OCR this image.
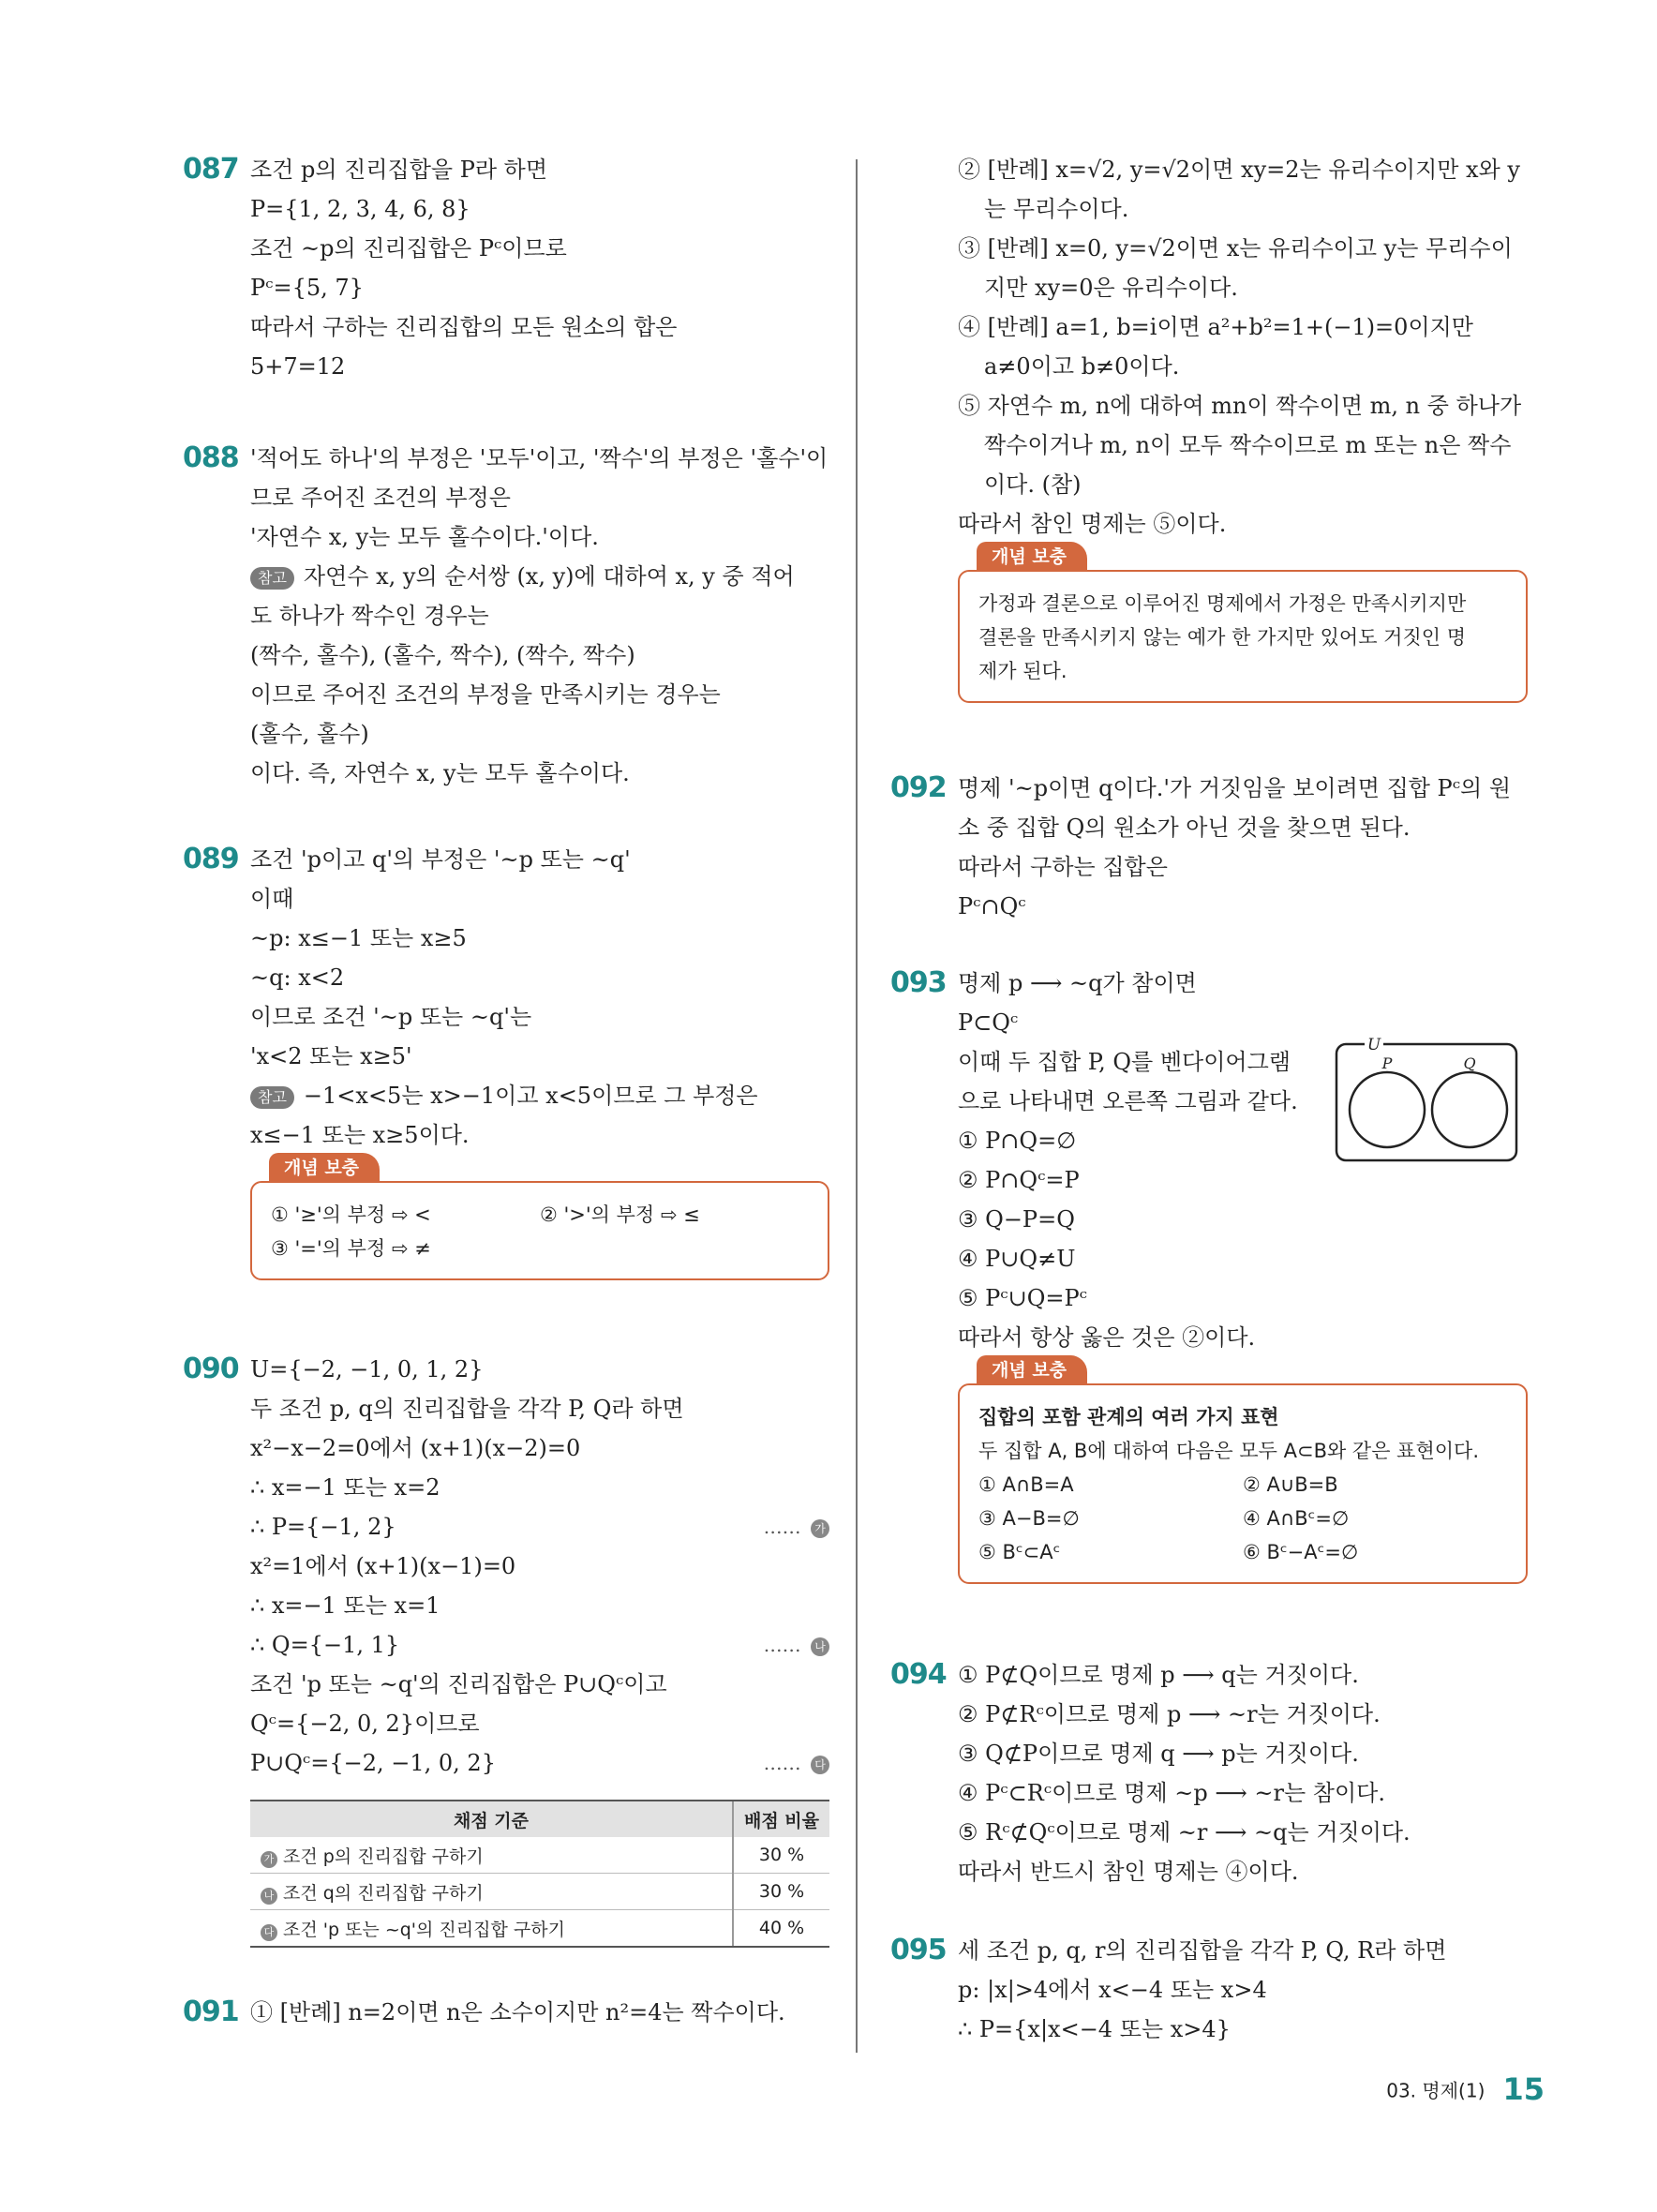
087 조건 p의 진리집합을 P라 하면
P={1, 2, 3, 4, 6, 8}
조건 ~p의 진리집합은 Pᶜ이므로
Pᶜ={5, 7}
따라서 구하는 진리집합의 모든 원소의 합은
5+7=12
088 '적어도 하나'의 부정은 '모두'이고, '짝수'의 부정은 '홀수'이
므로 주어진 조건의 부정은
'자연수 x, y는 모두 홀수이다.'이다.
참고 자연수 x, y의 순서쌍 (x, y)에 대하여 x, y 중 적어
도 하나가 짝수인 경우는
(짝수, 홀수), (홀수, 짝수), (짝수, 짝수)
이므로 주어진 조건의 부정을 만족시키는 경우는
(홀수, 홀수)
이다. 즉, 자연수 x, y는 모두 홀수이다.
089 조건 'p이고 q'의 부정은 '~p 또는 ~q'
이때
~p: x≤−1 또는 x≥5
~q: x<2
이므로 조건 '~p 또는 ~q'는
'x<2 또는 x≥5'
참고 −1<x<5는 x>−1이고 x<5이므로 그 부정은
x≤−1 또는 x≥5이다.
개념 보충
① '≥'의 부정 ⇨ <	② '>'의 부정 ⇨ ≤
③ '='의 부정 ⇨ ≠
090 U={−2, −1, 0, 1, 2}
두 조건 p, q의 진리집합을 각각 P, Q라 하면
x²−x−2=0에서 (x+1)(x−2)=0
∴ x=−1 또는 x=2
∴ P={−1, 2}	…… 가
x²=1에서 (x+1)(x−1)=0
∴ x=−1 또는 x=1
∴ Q={−1, 1}	…… 나
조건 'p 또는 ~q'의 진리집합은 P∪Qᶜ이고
Qᶜ={−2, 0, 2}이므로
P∪Qᶜ={−2, −1, 0, 2}	…… 다
채점 기준	배점 비율
가 조건 p의 진리집합 구하기	30 %
나 조건 q의 진리집합 구하기	30 %
다 조건 'p 또는 ~q'의 진리집합 구하기	40 %
091 ① [반례] n=2이면 n은 소수이지만 n²=4는 짝수이다.
② [반례] x=√2, y=√2이면 xy=2는 유리수이지만 x와 y
는 무리수이다.
③ [반례] x=0, y=√2이면 x는 유리수이고 y는 무리수이
지만 xy=0은 유리수이다.
④ [반례] a=1, b=i이면 a²+b²=1+(−1)=0이지만
a≠0이고 b≠0이다.
⑤ 자연수 m, n에 대하여 mn이 짝수이면 m, n 중 하나가
짝수이거나 m, n이 모두 짝수이므로 m 또는 n은 짝수
이다. (참)
따라서 참인 명제는 ⑤이다.
개념 보충
가정과 결론으로 이루어진 명제에서 가정은 만족시키지만
결론을 만족시키지 않는 예가 한 가지만 있어도 거짓인 명
제가 된다.
092 명제 '~p이면 q이다.'가 거짓임을 보이려면 집합 Pᶜ의 원
소 중 집합 Q의 원소가 아닌 것을 찾으면 된다.
따라서 구하는 집합은
Pᶜ∩Qᶜ
093 명제 p ⟶ ~q가 참이면
P⊂Qᶜ
이때 두 집합 P, Q를 벤다이어그램
으로 나타내면 오른쪽 그림과 같다.
① P∩Q=∅
② P∩Qᶜ=P
③ Q−P=Q
④ P∪Q≠U
⑤ Pᶜ∪Q=Pᶜ
따라서 항상 옳은 것은 ②이다.
U
P	Q
개념 보충
집합의 포함 관계의 여러 가지 표현
두 집합 A, B에 대하여 다음은 모두 A⊂B와 같은 표현이다.
① A∩B=A	② A∪B=B
③ A−B=∅	④ A∩Bᶜ=∅
⑤ Bᶜ⊂Aᶜ	⑥ Bᶜ−Aᶜ=∅
094 ① P⊄Q이므로 명제 p ⟶ q는 거짓이다.
② P⊄Rᶜ이므로 명제 p ⟶ ~r는 거짓이다.
③ Q⊄P이므로 명제 q ⟶ p는 거짓이다.
④ Pᶜ⊂Rᶜ이므로 명제 ~p ⟶ ~r는 참이다.
⑤ Rᶜ⊄Qᶜ이므로 명제 ~r ⟶ ~q는 거짓이다.
따라서 반드시 참인 명제는 ④이다.
095 세 조건 p, q, r의 진리집합을 각각 P, Q, R라 하면
p: |x|>4에서 x<−4 또는 x>4
∴ P={x|x<−4 또는 x>4}
03. 명제(1) 15
